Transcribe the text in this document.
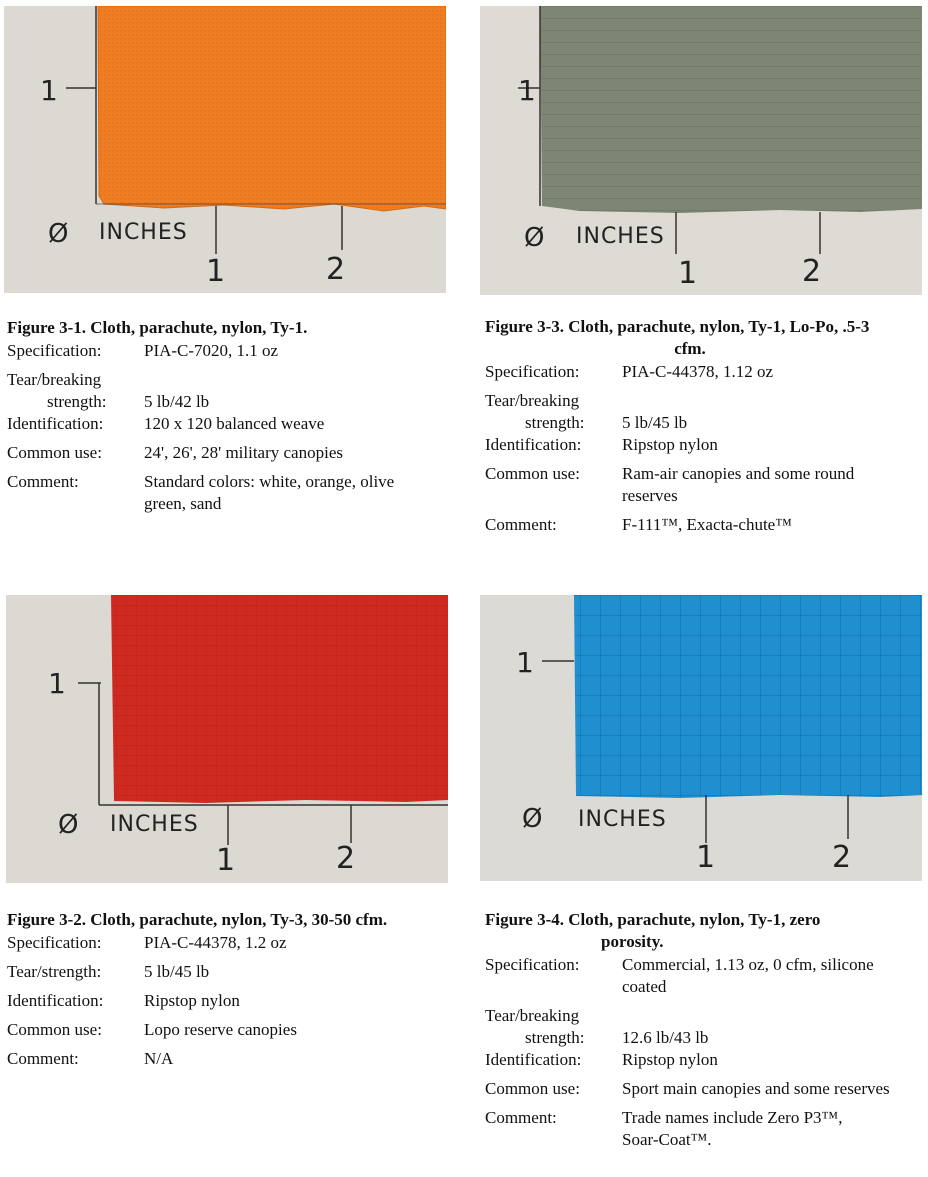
1
Ø INCHES
1	2
1
Ø INCHES
1	2
Figure 3-1. Cloth, parachute, nylon, Ty-1.
Specification:	PIA-C-7020, 1.1 oz
Tear/breaking
strength:	5 lb/42 lb
Identification:	120 x 120 balanced weave
Common use:	24', 26', 28' military canopies
Comment:	Standard colors: white, orange, olive green, sand
Figure 3-3. Cloth, parachute, nylon, Ty-1, Lo-Po, .5-3
cfm.
Specification:	PIA-C-44378, 1.12 oz
Tear/breaking
strength:	5 lb/45 lb
Identification:	Ripstop nylon
Common use:	Ram-air canopies and some round reserves
Comment:	F-111™, Exacta-chute™
1
Ø INCHES
1	2
1
Ø INCHES
1	2
Figure 3-2. Cloth, parachute, nylon, Ty-3, 30-50 cfm.
Specification:	PIA-C-44378, 1.2 oz
Tear/strength:	5 lb/45 lb
Identification:	Ripstop nylon
Common use:	Lopo reserve canopies
Comment:	N/A
Figure 3-4. Cloth, parachute, nylon, Ty-1, zero
porosity.
Specification:	Commercial, 1.13 oz, 0 cfm, silicone coated
Tear/breaking
strength:	12.6 lb/43 lb
Identification:	Ripstop nylon
Common use:	Sport main canopies and some reserves
Comment:	Trade names include Zero P3™, Soar-Coat™.
